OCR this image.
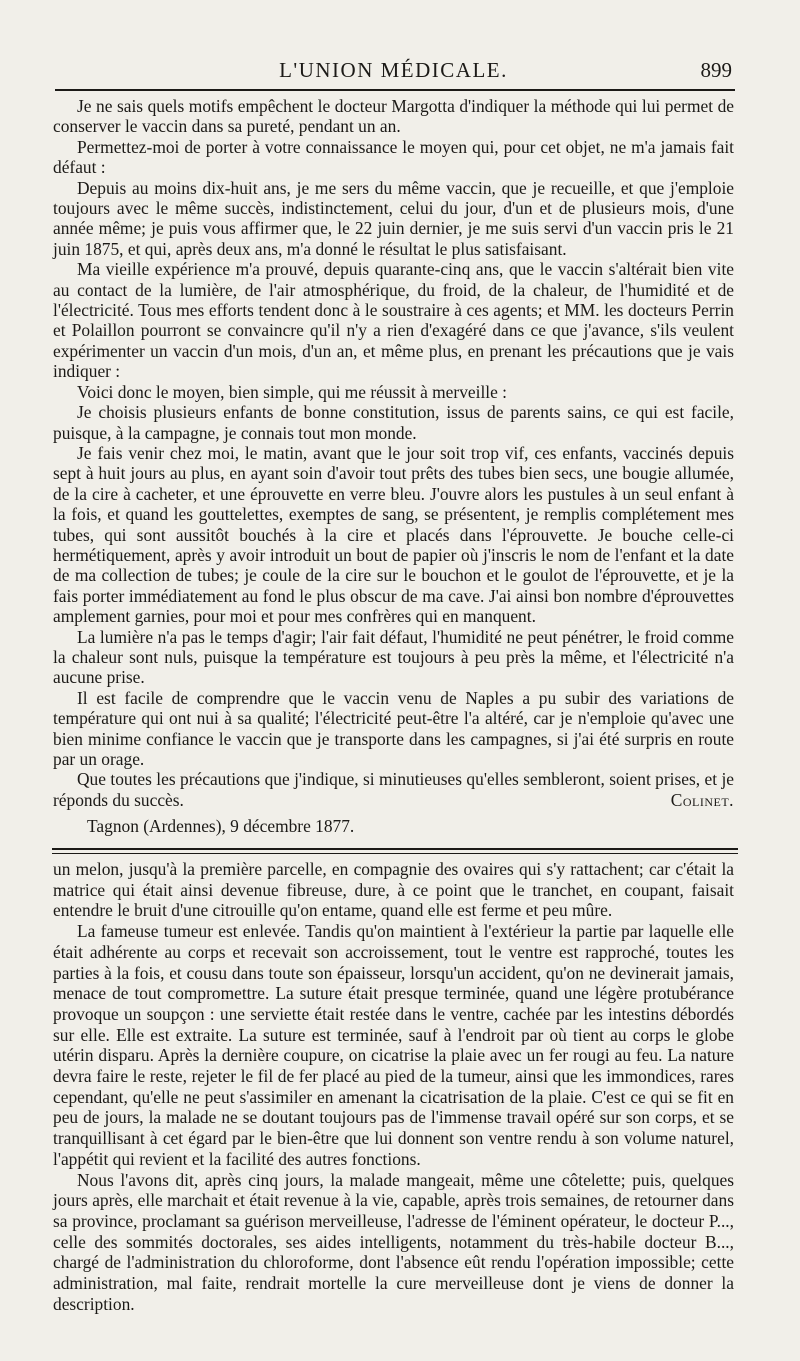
L'UNION MÉDICALE.	899

Je ne sais quels motifs empêchent le docteur Margotta d'indiquer la méthode qui lui permet de conserver le vaccin dans sa pureté, pendant un an.

Permettez-moi de porter à votre connaissance le moyen qui, pour cet objet, ne m'a jamais fait défaut :

Depuis au moins dix-huit ans, je me sers du même vaccin, que je recueille, et que j'emploie toujours avec le même succès, indistinctement, celui du jour, d'un et de plusieurs mois, d'une année même; je puis vous affirmer que, le 22 juin dernier, je me suis servi d'un vaccin pris le 21 juin 1875, et qui, après deux ans, m'a donné le résultat le plus satisfaisant.

Ma vieille expérience m'a prouvé, depuis quarante-cinq ans, que le vaccin s'altérait bien vite au contact de la lumière, de l'air atmosphérique, du froid, de la chaleur, de l'humidité et de l'électricité. Tous mes efforts tendent donc à le soustraire à ces agents; et MM. les docteurs Perrin et Polaillon pourront se convaincre qu'il n'y a rien d'exagéré dans ce que j'avance, s'ils veulent expérimenter un vaccin d'un mois, d'un an, et même plus, en prenant les précautions que je vais indiquer :

Voici donc le moyen, bien simple, qui me réussit à merveille :

Je choisis plusieurs enfants de bonne constitution, issus de parents sains, ce qui est facile, puisque, à la campagne, je connais tout mon monde.

Je fais venir chez moi, le matin, avant que le jour soit trop vif, ces enfants, vaccinés depuis sept à huit jours au plus, en ayant soin d'avoir tout prêts des tubes bien secs, une bougie allumée, de la cire à cacheter, et une éprouvette en verre bleu. J'ouvre alors les pustules à un seul enfant à la fois, et quand les gouttelettes, exemptes de sang, se présentent, je remplis complétement mes tubes, qui sont aussitôt bouchés à la cire et placés dans l'éprouvette. Je bouche celle-ci hermétiquement, après y avoir introduit un bout de papier où j'inscris le nom de l'enfant et la date de ma collection de tubes; je coule de la cire sur le bouchon et le goulot de l'éprouvette, et je la fais porter immédiatement au fond le plus obscur de ma cave. J'ai ainsi bon nombre d'éprouvettes amplement garnies, pour moi et pour mes confrères qui en manquent.

La lumière n'a pas le temps d'agir; l'air fait défaut, l'humidité ne peut pénétrer, le froid comme la chaleur sont nuls, puisque la température est toujours à peu près la même, et l'électricité n'a aucune prise.

Il est facile de comprendre que le vaccin venu de Naples a pu subir des variations de température qui ont nui à sa qualité; l'électricité peut-être l'a altéré, car je n'emploie qu'avec une bien minime confiance le vaccin que je transporte dans les campagnes, si j'ai été surpris en route par un orage.

Que toutes les précautions que j'indique, si minutieuses qu'elles sembleront, soient prises, et je réponds du succès.	Colinet.

Tagnon (Ardennes), 9 décembre 1877.

un melon, jusqu'à la première parcelle, en compagnie des ovaires qui s'y rattachent; car c'était la matrice qui était ainsi devenue fibreuse, dure, à ce point que le tranchet, en coupant, faisait entendre le bruit d'une citrouille qu'on entame, quand elle est ferme et peu mûre.

La fameuse tumeur est enlevée. Tandis qu'on maintient à l'extérieur la partie par laquelle elle était adhérente au corps et recevait son accroissement, tout le ventre est rapproché, toutes les parties à la fois, et cousu dans toute son épaisseur, lorsqu'un accident, qu'on ne devinerait jamais, menace de tout compromettre. La suture était presque terminée, quand une légère protubérance provoque un soupçon : une serviette était restée dans le ventre, cachée par les intestins débordés sur elle. Elle est extraite. La suture est terminée, sauf à l'endroit par où tient au corps le globe utérin disparu. Après la dernière coupure, on cicatrise la plaie avec un fer rougi au feu. La nature devra faire le reste, rejeter le fil de fer placé au pied de la tumeur, ainsi que les immondices, rares cependant, qu'elle ne peut s'assimiler en amenant la cicatrisation de la plaie. C'est ce qui se fit en peu de jours, la malade ne se doutant toujours pas de l'immense travail opéré sur son corps, et se tranquillisant à cet égard par le bien-être que lui donnent son ventre rendu à son volume naturel, l'appétit qui revient et la facilité des autres fonctions.

Nous l'avons dit, après cinq jours, la malade mangeait, même une côtelette; puis, quelques jours après, elle marchait et était revenue à la vie, capable, après trois semaines, de retourner dans sa province, proclamant sa guérison merveilleuse, l'adresse de l'éminent opérateur, le docteur P..., celle des sommités doctorales, ses aides intelligents, notamment du très-habile docteur B..., chargé de l'administration du chloroforme, dont l'absence eût rendu l'opération impossible; cette administration, mal faite, rendrait mortelle la cure merveilleuse dont je viens de donner la description.
